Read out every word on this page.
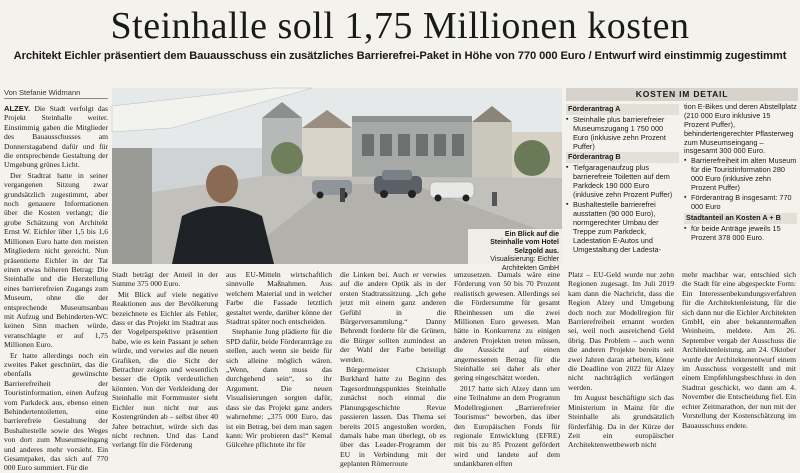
Steinhalle soll 1,75 Millionen kosten
Architekt Eichler präsentiert dem Bauausschuss ein zusätzliches Barrierefrei-Paket in Höhe von 770 000 Euro / Entwurf wird einstimmig zugestimmt
Von Stefanie Widmann

ALZEY. Die Stadt verfolgt das Projekt Steinhalle weiter. Einstimmig gaben die Mitglieder des Bauausschusses am Donnerstagabend dafür und für die entsprechende Gestaltung der Umgebung grünes Licht.

Der Stadtrat hatte in seiner vergangenen Sitzung zwar grundsätzlich zugestimmt, aber noch genauere Informationen über die Kosten verlangt; die grobe Schätzung von Architekt Ernst W. Eichler über 1,5 bis 1,6 Millionen Euro hatte den meisten Mitgliedern nicht gereicht. Nun präsentierte Eichler in der Tat einen etwas höheren Betrag: Die Steinhalle und die Herstellung eines barrierefreien Zugangs zum Museum, ohne die der entsprechende Museumsanbau mit Aufzug und Behinderten-WC keinen Sinn machen würde, veranschlagte er auf 1,75 Millionen Euro.

Er hatte allerdings noch ein zweites Paket geschnürt, das die ebenfalls gewünschte Barrierefreiheit der Touristinformation, einen Aufzug vom Parkdeck aus, ebenso einen Behindertentoiletten, eine barrierefreie Gestaltung der Bushaltestelle sowie des Weges von dort zum Museumseingang und anderes mehr vorsieht. Ein Gesamtpaket, das sich auf 770 000 Euro summiert. Für die

Ein Blick auf die Steinhalle vom Hotel Selzgold aus.
Visualisierung: Eichler Architekten GmbH
KOSTEN IM DETAIL
Förderantrag A
▪ Steinhalle plus barrierefreier Museumszugang 1 750 000 Euro (inklusive zehn Prozent Puffer)
Förderantrag B
▪ Tiefgaragenaufzug plus barrierefreie Toiletten auf dem Parkdeck 190 000 Euro (inklusive zehn Prozent Puffer)
▪ Bushaltestelle barrierefrei ausstatten (90 000 Euro), normgerechter Umbau der Treppe zum Parkdeck, Ladestation E-Autos und Umgestaltung der Ladesta-
tion E-Bikes und deren Abstellplatz (210 000 Euro inklusive 15 Prozent Puffer), behindertengerechter Pflasterweg zum Museumseingang – insgesamt 300 000 Euro.
▪ Barrierefreiheit im alten Museum für die Touristinformation 280 000 Euro (inklusive zehn Prozent Puffer)
▪ Förderantrag B insgesamt: 770 000 Euro
Stadtanteil an Kosten A + B
▪ für beide Anträge jeweils 15 Prozent 378 000 Euro.

Stadt beträgt der Anteil in der Summe 375 000 Euro.

Mit Blick auf viele negative Reaktionen aus der Bevölkerung bezeichnete es Eichler als Fehler, dass er das Projekt im Stadtrat aus der Vogelperspektive präsentiert habe, wie es kein Passant je sehen würde, und verwies auf die neuen Grafiken, die die Sicht der Betrachter zeigen und wesentlich besser die Optik verdeutlichen könnten. Von der Verkleidung der Steinhalle mit Formmuster sieht Eichler nun nicht nur aus Kostengründen ab – selbst über 40 Jahre betrachtet, würde sich das nicht rechnen. Und das Land verlangt für die Förderung

aus EU-Mitteln wirtschaftlich sinnvolle Maßnahmen. Aus welchem Material und in welcher Farbe die Fassade letztlich gestaltet werde, darüber könne der Stadtrat später noch entscheiden.

Stephanie Jung plädierte für die SPD dafür, beide Förderanträge zu stellen, auch wenn sie beide für sich alleine möglich wären. „Wenn, dann muss das durchgehend sein“, so ihr Argument. Die neuen Visualisierungen sorgten dafür, dass sie das Projekt ganz anders wahrnehme: „375 000 Euro, das ist ein Betrag, bei dem man sagen kann: Wir probieren das!“ Kemal Gülcehre pflichtete ihr für

die Linken bei. Auch er verwies auf die andere Optik als in der ersten Stadtratssitzung. „Ich gehe jetzt mit einem ganz anderen Gefühl in die Bürgerversammlung.“ Danny Behrendt forderte für die Grünen, die Bürger sollten zumindest an der Wahl der Farbe beteiligt werden.

Bürgermeister Christoph Burkhard hatte zu Beginn des Tagesordnungspunktes Steinhalle zunächst noch einmal die Planungsgeschichte Revue passieren lassen. Das Thema sei bereits 2015 angestoßen worden, damals habe man überlegt, ob es über das Leader-Programm der EU in Verbindung mit der geplanten Römerroute

umzusetzen. Damals wäre eine Förderung von 50 bis 70 Prozent realistisch gewesen. Allerdings sei die Fördersumme für gesamt Rheinhessen um die zwei Millionen Euro gewesen. Man hätte in Konkurrenz zu einigen anderen Projekten treten müssen, die Aussicht auf einen angemessenen Betrag für die Steinhalle sei daher als eher gering eingeschätzt worden.

2017 hatte sich Alzey dann um eine Teilnahme an dem Programm Modellregionen „Barrierefreier Tourismus“ beworben, das über den Europäischen Fonds für regionale Entwicklung (EFRE) mit bis zu 85 Prozent gefördert wird und landete auf dem undankbaren elften

Platz – EU-Geld wurde nur zehn Regionen zugesagt. Im Juli 2019 kam dann die Nachricht, dass die Region Alzey und Umgebung doch noch zur Modellregion für Barrierefreiheit ernannt worden sei, weil noch ausreichend Geld übrig. Das Problem – auch wenn die anderen Projekte bereits seit zwei Jahren daran arbeiten, könne die Deadline von 2022 für Alzey nicht nachträglich verlängert werden.

Im August beschäftigte sich das Ministerium in Mainz für die Steinhalle als grundsätzlich förderfähig. Da in der Kürze der Zeit ein europäischer Architektenwettbewerb nicht

mehr machbar war, entschied sich die Stadt für eine abgespeckte Form: Ein Interessenbekundungsverfahren für die Architektenleistung, für die sich dann nur die Eichler Architekten GmbH, ein aber bekanntermaßen Weinheim, meldete. Am 26. September vergab der Ausschuss die Architektenleistung, am 24. Oktober wurde der Architektenentwurf einem im Ausschuss vorgestellt und mit einem Empfehlungsbeschluss in den Stadtrat geschickt, wo dann am 4. November die Entscheidung fiel. Ein echter Zeitmarathon, der nun mit der Vorstellung der Kostenschätzung im Bauausschuss endete.
